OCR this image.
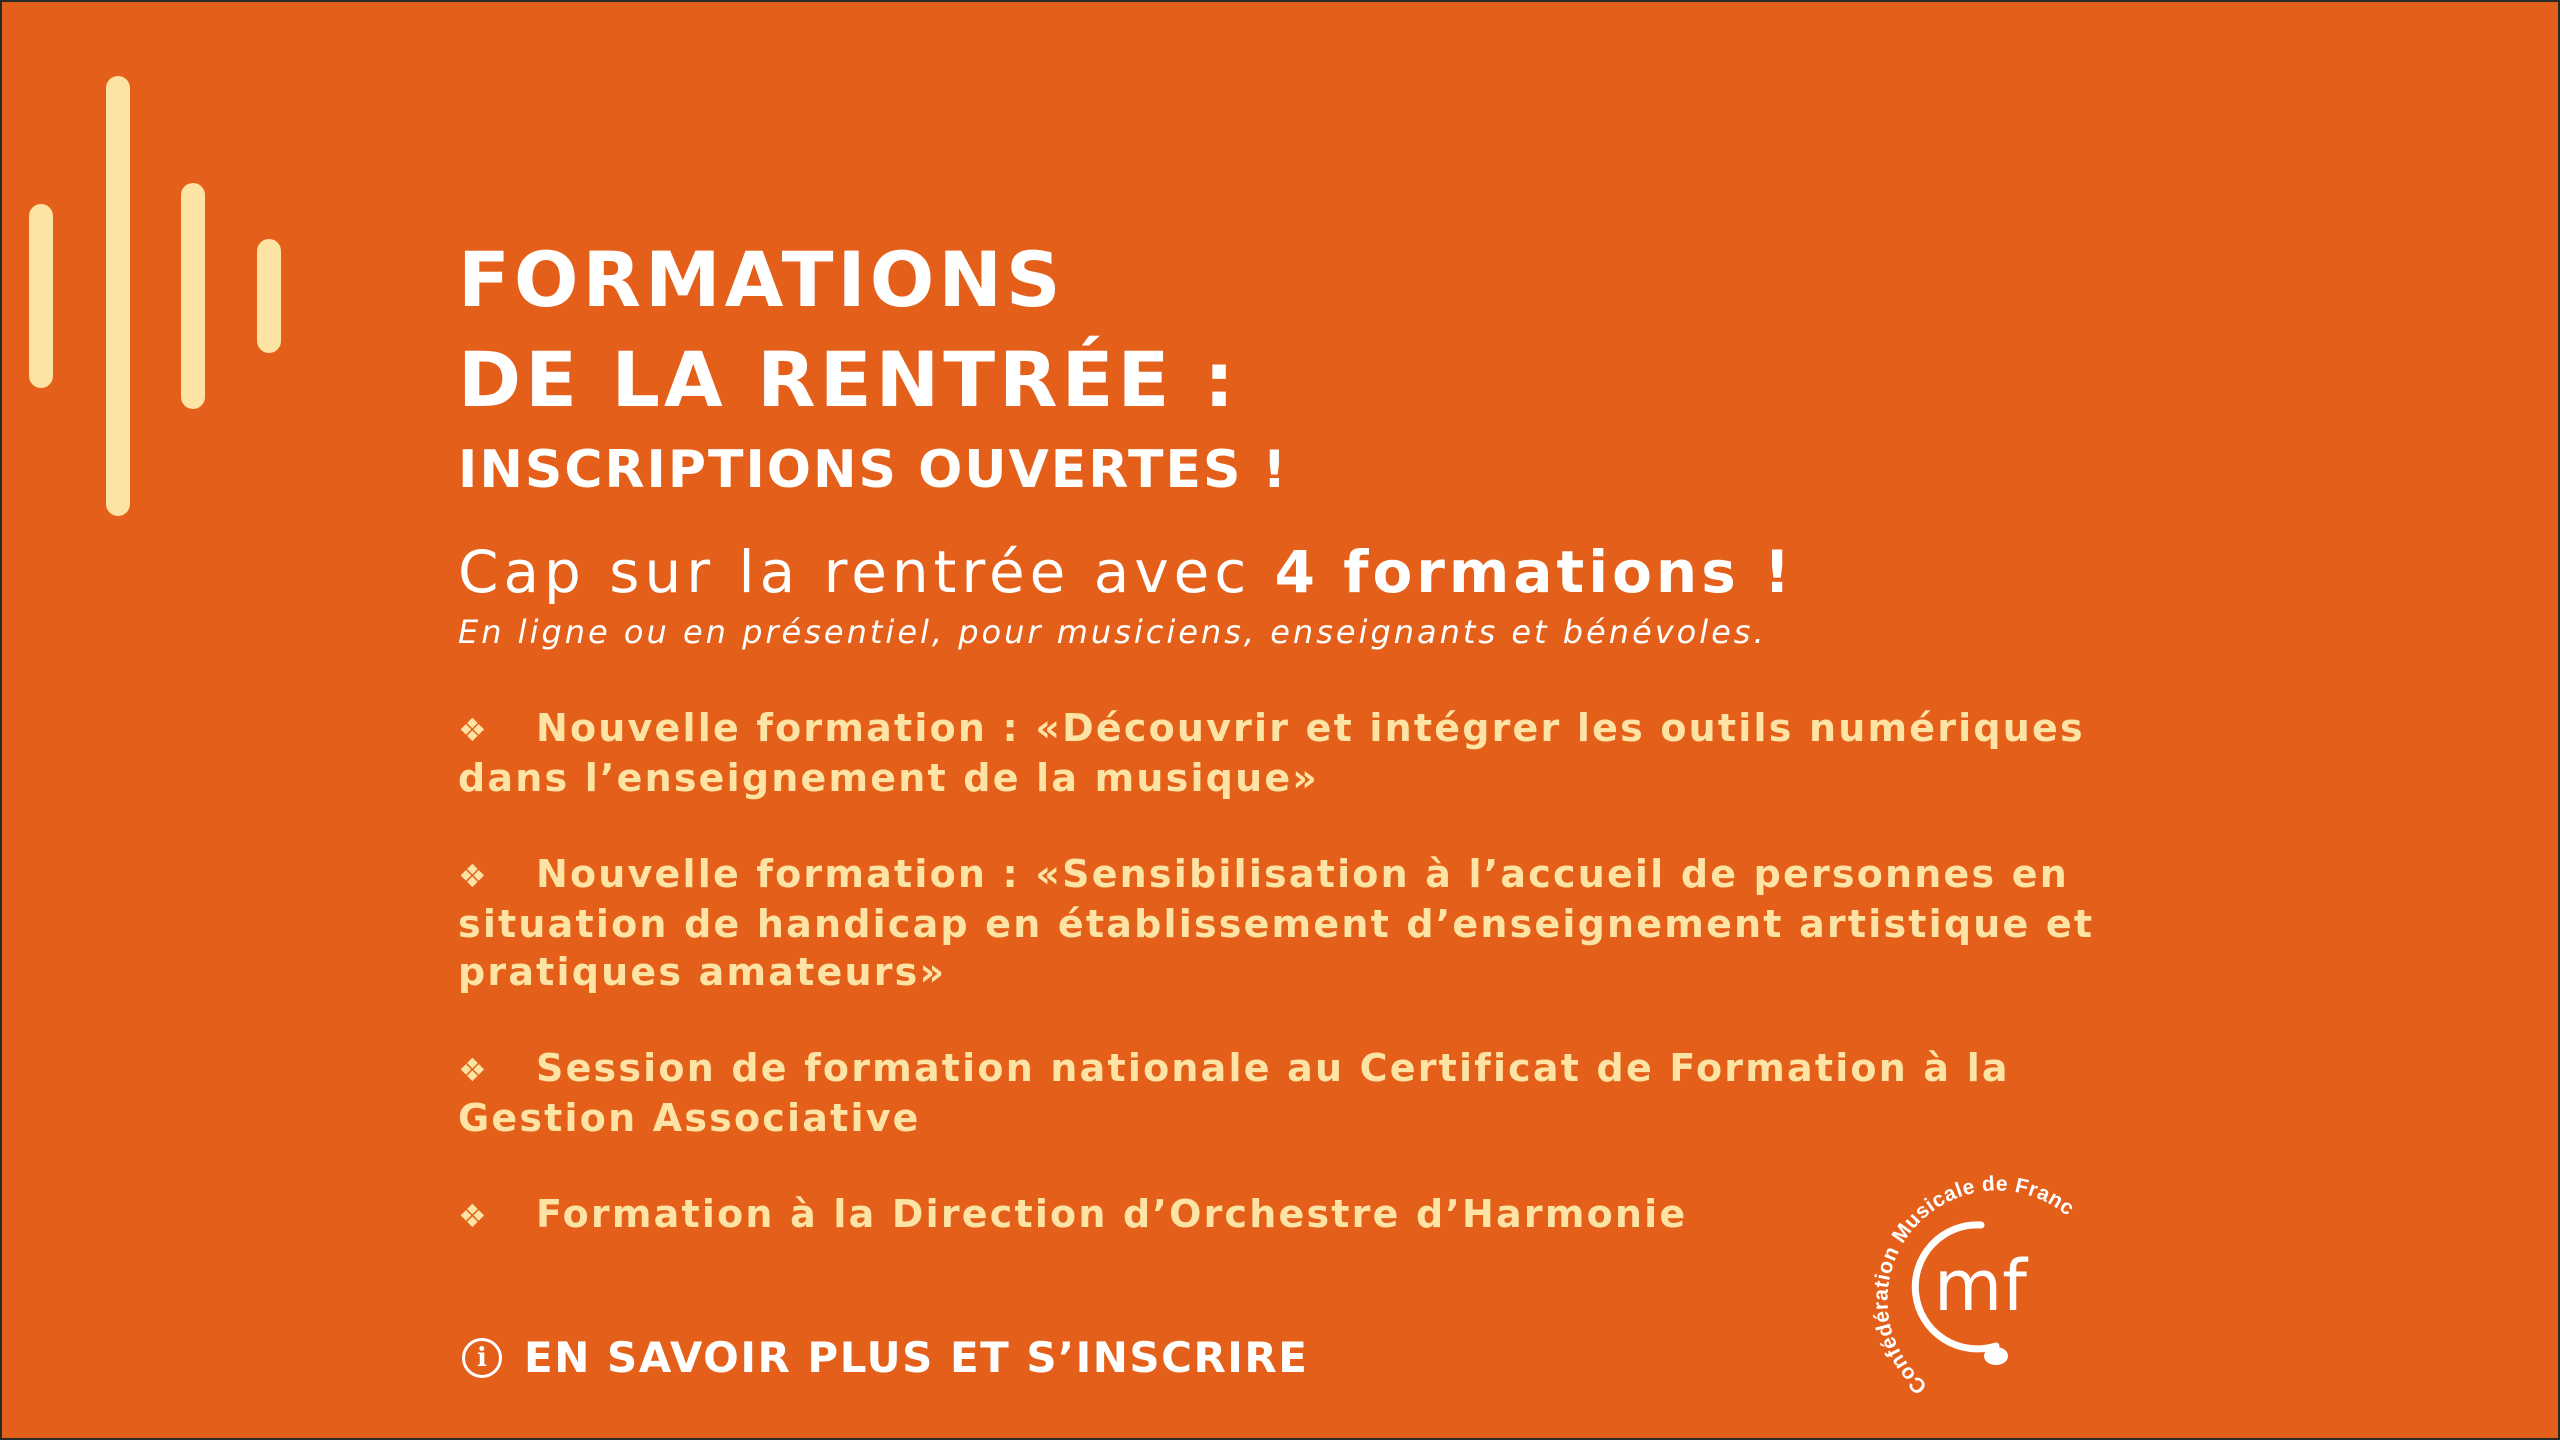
FORMATIONS
DE LA RENTRÉE :
INSCRIPTIONS OUVERTES !
Cap sur la rentrée avec 4 formations !
En ligne ou en présentiel, pour musiciens, enseignants et bénévoles.
❖ Nouvelle formation : «Découvrir et intégrer les outils numériques dans l’enseignement de la musique»
❖ Nouvelle formation : «Sensibilisation à l’accueil de personnes en situation de handicap en établissement d’enseignement artistique et pratiques amateurs»
❖ Session de formation nationale au Certificat de Formation à la Gestion Associative
❖ Formation à la Direction d’Orchestre d’Harmonie
i EN SAVOIR PLUS ET S’INSCRIRE
Confédération Musicale de Franc
mf
